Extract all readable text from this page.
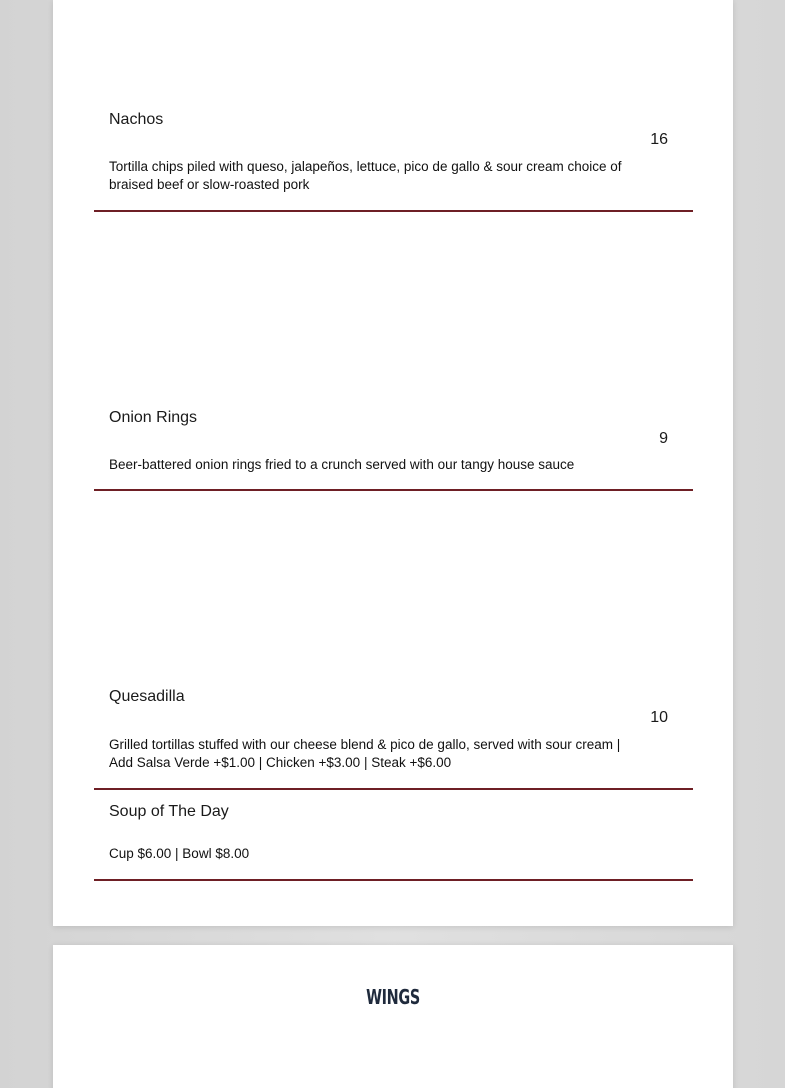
Nachos
16
Tortilla chips piled with queso, jalapeños, lettuce, pico de gallo & sour cream choice of braised beef or slow-roasted pork
Onion Rings
9
Beer-battered onion rings fried to a crunch served with our tangy house sauce
Quesadilla
10
Grilled tortillas stuffed with our cheese blend & pico de gallo, served with sour cream | Add Salsa Verde +$1.00 | Chicken +$3.00 | Steak +$6.00
Soup of The Day
Cup $6.00 | Bowl $8.00
WINGS
